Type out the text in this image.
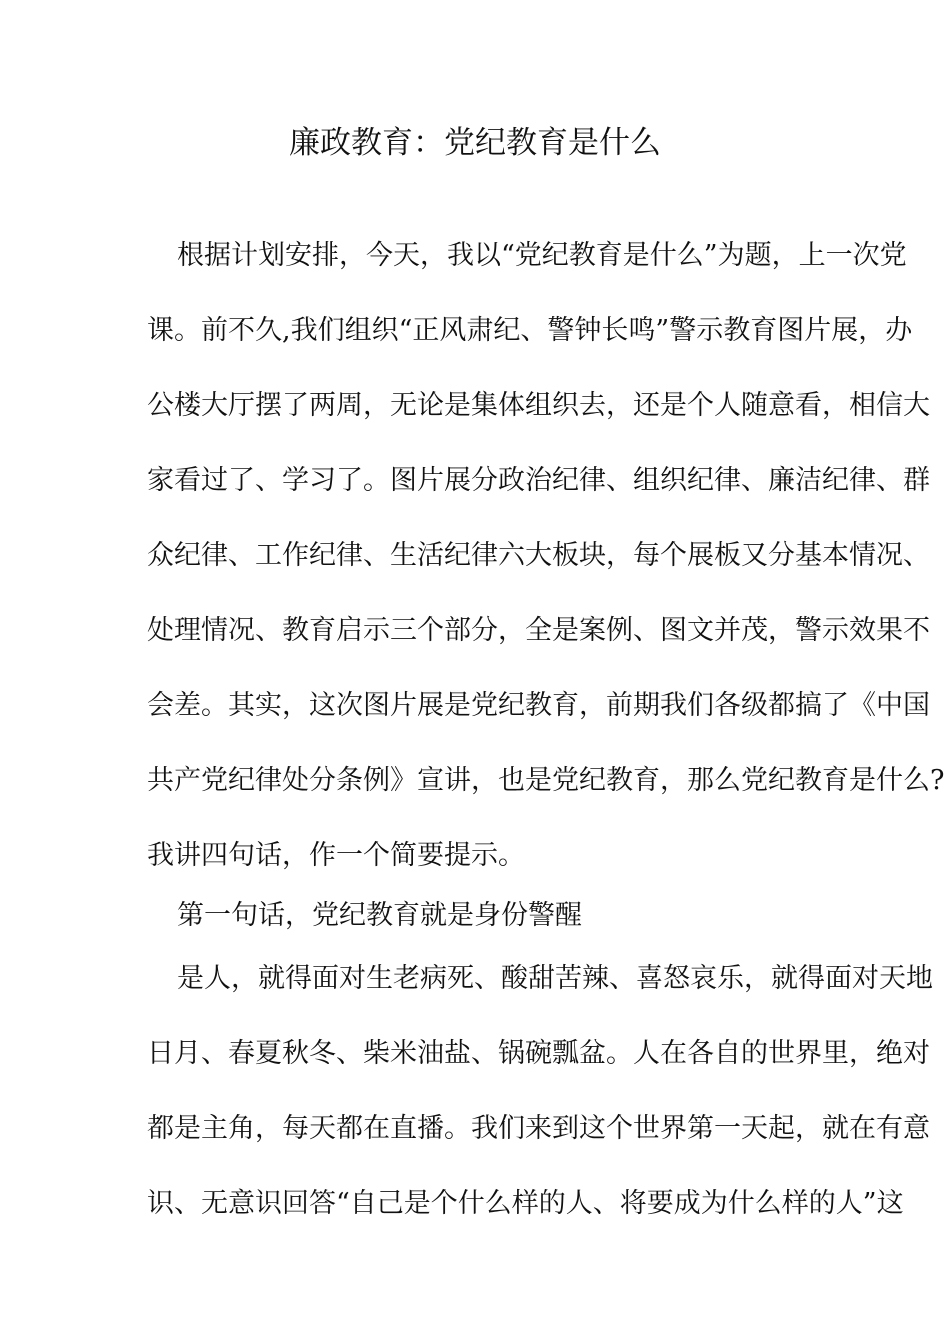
廉政教育：党纪教育是什么
根据计划安排，今天，我以“党纪教育是什么”为题，上一次党
课。前不久,我们组织“正风肃纪、警钟长鸣”警示教育图片展，办
公楼大厅摆了两周，无论是集体组织去，还是个人随意看，相信大
家看过了、学习了。图片展分政治纪律、组织纪律、廉洁纪律、群
众纪律、工作纪律、生活纪律六大板块，每个展板又分基本情况、
处理情况、教育启示三个部分，全是案例、图文并茂，警示效果不
会差。其实，这次图片展是党纪教育，前期我们各级都搞了《中国
共产党纪律处分条例》宣讲，也是党纪教育，那么党纪教育是什么?
我讲四句话，作一个简要提示。
第一句话，党纪教育就是身份警醒
是人，就得面对生老病死、酸甜苦辣、喜怒哀乐，就得面对天地
日月、春夏秋冬、柴米油盐、锅碗瓢盆。人在各自的世界里，绝对
都是主角，每天都在直播。我们来到这个世界第一天起，就在有意
识、无意识回答“自己是个什么样的人、将要成为什么样的人”这
